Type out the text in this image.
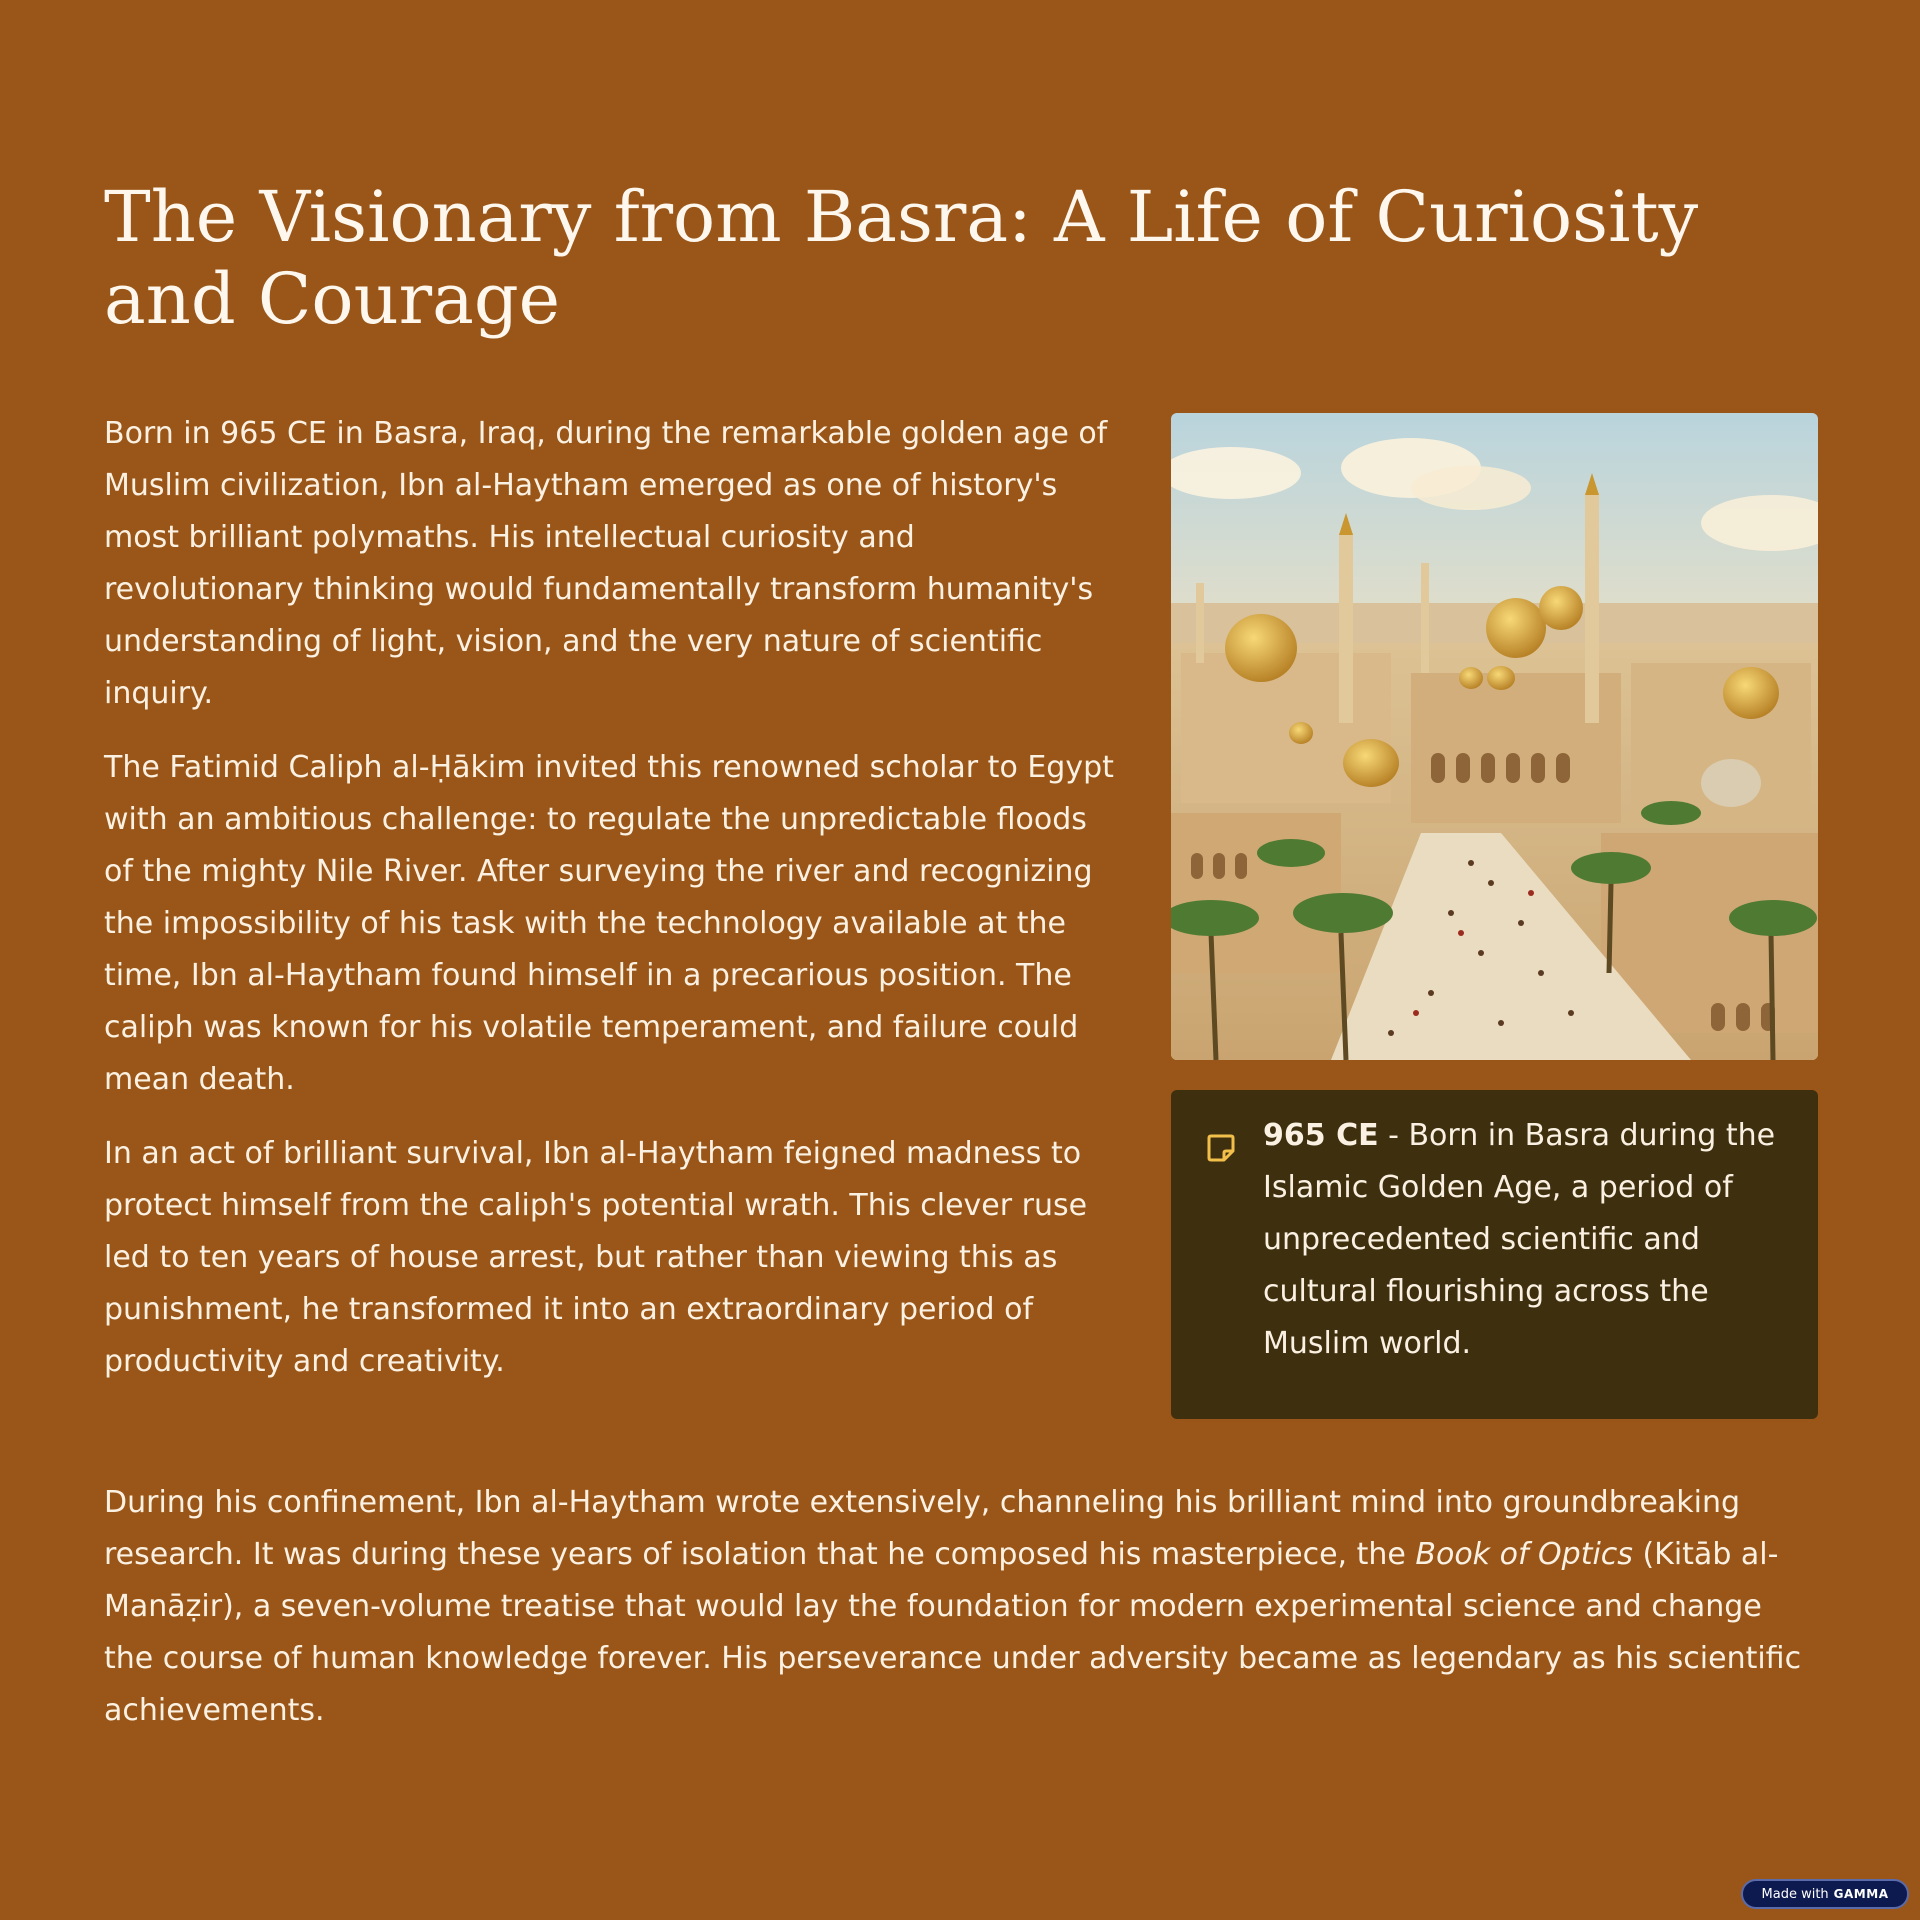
The Visionary from Basra: A Life of Curiosity and Courage

Born in 965 CE in Basra, Iraq, during the remarkable golden age of Muslim civilization, Ibn al-Haytham emerged as one of history's most brilliant polymaths. His intellectual curiosity and revolutionary thinking would fundamentally transform humanity's understanding of light, vision, and the very nature of scientific inquiry.

The Fatimid Caliph al-Ḥākim invited this renowned scholar to Egypt with an ambitious challenge: to regulate the unpredictable floods of the mighty Nile River. After surveying the river and recognizing the impossibility of his task with the technology available at the time, Ibn al-Haytham found himself in a precarious position. The caliph was known for his volatile temperament, and failure could mean death.

In an act of brilliant survival, Ibn al-Haytham feigned madness to protect himself from the caliph's potential wrath. This clever ruse led to ten years of house arrest, but rather than viewing this as punishment, he transformed it into an extraordinary period of productivity and creativity.

965 CE - Born in Basra during the Islamic Golden Age, a period of unprecedented scientific and cultural flourishing across the Muslim world.

During his confinement, Ibn al-Haytham wrote extensively, channeling his brilliant mind into groundbreaking research. It was during these years of isolation that he composed his masterpiece, the Book of Optics (Kitāb al-Manāẓir), a seven-volume treatise that would lay the foundation for modern experimental science and change the course of human knowledge forever. His perseverance under adversity became as legendary as his scientific achievements.

Made with GAMMA
